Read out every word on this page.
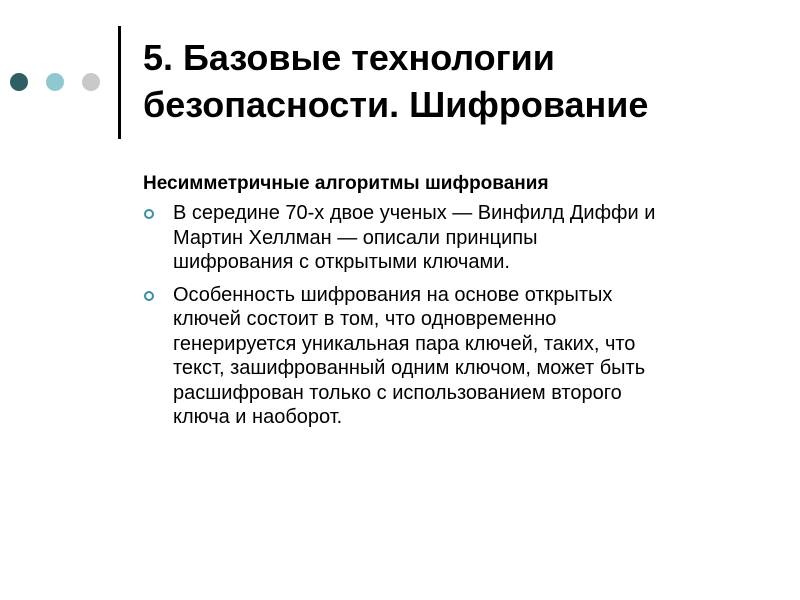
5. Базовые технологии
безопасности. Шифрование
Несимметричные алгоритмы шифрования
В середине 70-х двое ученых — Винфилд Диффи и
Мартин Хеллман — описали принципы
шифрования с открытыми ключами.
Особенность шифрования на основе открытых
ключей состоит в том, что одновременно
генерируется уникальная пара ключей, таких, что
текст, зашифрованный одним ключом, может быть
расшифрован только с использованием второго
ключа и наоборот.
